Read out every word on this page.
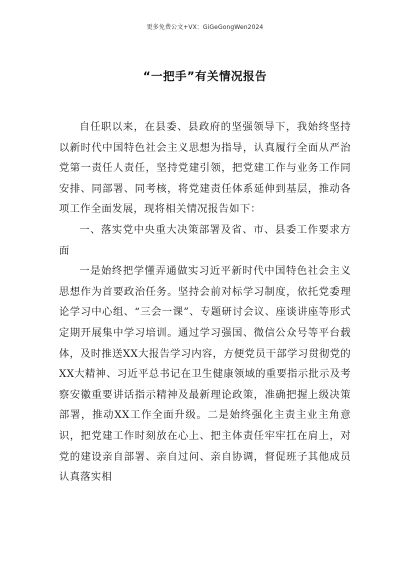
更多免费公文+VX：GiGeGongWen2024
“一把手”有关情况报告

自任职以来，在县委、县政府的坚强领导下，我始终坚持以新时代中国特色社会主义思想为指导，认真履行全面从严治党第一责任人责任，坚持党建引领，把党建工作与业务工作同安排、同部署、同考核，将党建责任体系延伸到基层，推动各项工作全面发展，现将相关情况报告如下：

一、落实党中央重大决策部署及省、市、县委工作要求方面

一是始终把学懂弄通做实习近平新时代中国特色社会主义思想作为首要政治任务。坚持会前对标学习制度，依托党委理论学习中心组、“三会一课”、专题研讨会议、座谈讲座等形式定期开展集中学习培训。通过学习强国、微信公众号等平台载体，及时推送XX大报告学习内容，方便党员干部学习贯彻党的XX大精神、习近平总书记在卫生健康领域的重要指示批示及考察安徽重要讲话指示精神及最新理论政策，准确把握上级决策部署，推动XX工作全面升级。二是始终强化主责主业主角意识，把党建工作时刻放在心上、把主体责任牢牢扛在肩上，对党的建设亲自部署、亲自过问、亲自协调，督促班子其他成员认真落实相
